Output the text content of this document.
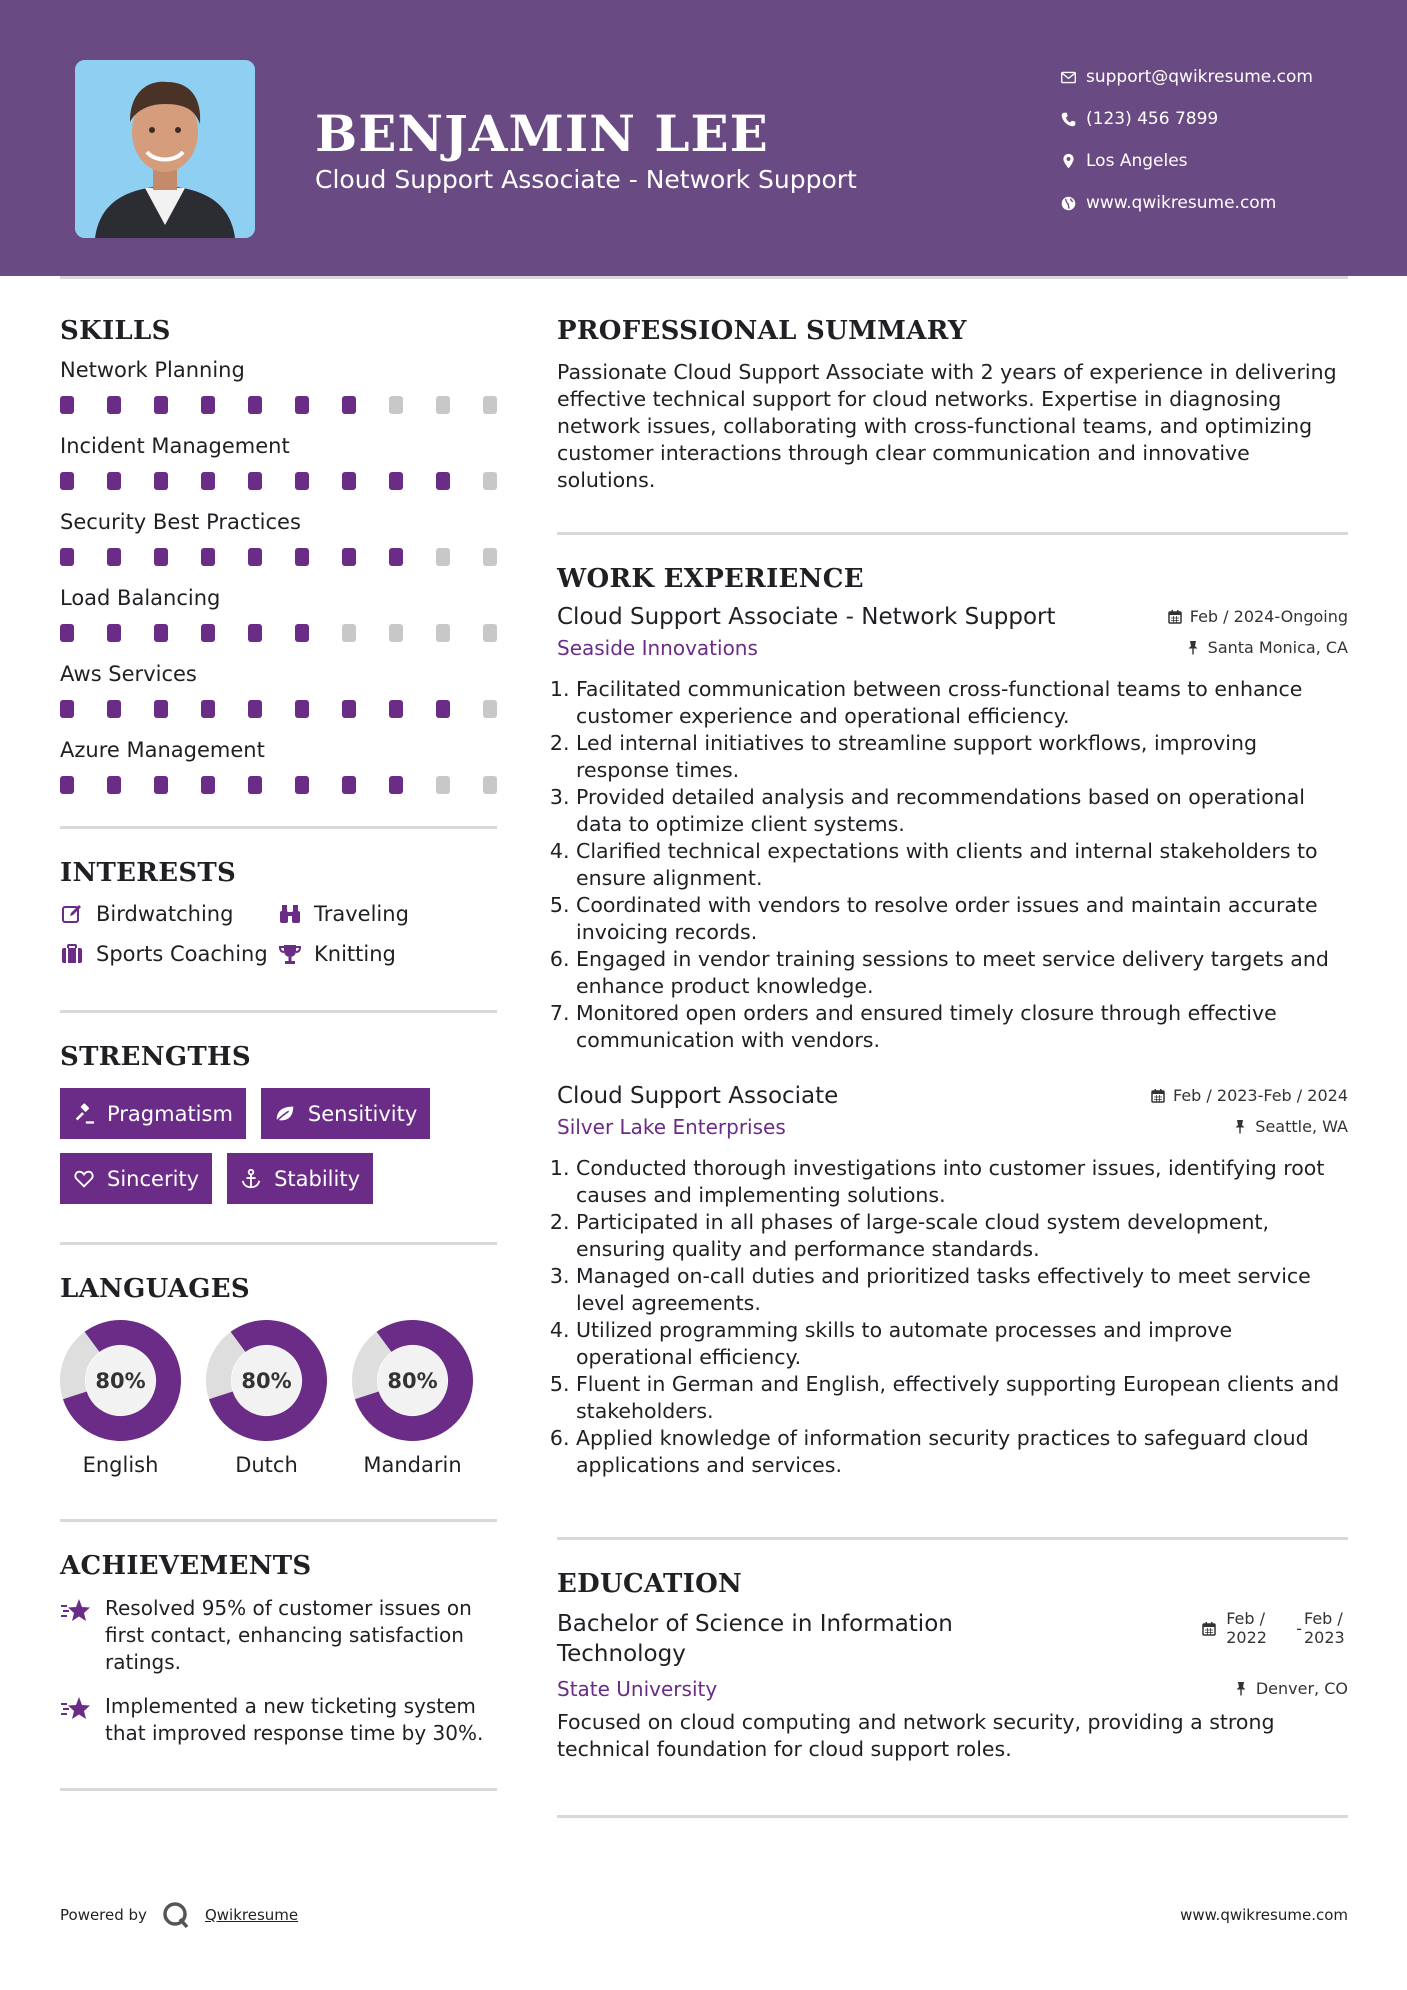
BENJAMIN LEE
Cloud Support Associate - Network Support
support@qwikresume.com
(123) 456 7899
Los Angeles
www.qwikresume.com
SKILLS
Network Planning
Incident Management
Security Best Practices
Load Balancing
Aws Services
Azure Management
INTERESTS
Birdwatching	Traveling
Sports Coaching Knitting
STRENGTHS
Pragmatism	Sensitivity
Sincerity	Stability
LANGUAGES
80%
English
80%
Dutch
80%
Mandarin
ACHIEVEMENTS
Resolved 95% of customer issues on first contact, enhancing satisfaction ratings.
Implemented a new ticketing system that improved response time by 30%.
PROFESSIONAL SUMMARY
Passionate Cloud Support Associate with 2 years of experience in delivering effective technical support for cloud networks. Expertise in diagnosing network issues, collaborating with cross-functional teams, and optimizing customer interactions through clear communication and innovative solutions.
WORK EXPERIENCE
Cloud Support Associate - Network Support	Feb / 2024-Ongoing
Seaside Innovations	Santa Monica, CA
1. Facilitated communication between cross-functional teams to enhance customer experience and operational efficiency.
2. Led internal initiatives to streamline support workflows, improving response times.
3. Provided detailed analysis and recommendations based on operational data to optimize client systems.
4. Clarified technical expectations with clients and internal stakeholders to ensure alignment.
5. Coordinated with vendors to resolve order issues and maintain accurate invoicing records.
6. Engaged in vendor training sessions to meet service delivery targets and enhance product knowledge.
7. Monitored open orders and ensured timely closure through effective communication with vendors.
Cloud Support Associate	Feb / 2023-Feb / 2024
Silver Lake Enterprises	Seattle, WA
1. Conducted thorough investigations into customer issues, identifying root causes and implementing solutions.
2. Participated in all phases of large-scale cloud system development, ensuring quality and performance standards.
3. Managed on-call duties and prioritized tasks effectively to meet service level agreements.
4. Utilized programming skills to automate processes and improve operational efficiency.
5. Fluent in German and English, effectively supporting European clients and stakeholders.
6. Applied knowledge of information security practices to safeguard cloud applications and services.
EDUCATION
Bachelor of Science in Information Technology
Feb / 2022 -
Feb / 2023
State University	Denver, CO
Focused on cloud computing and network security, providing a strong technical foundation for cloud support roles.
Powered by	Qwikresume	www.qwikresume.com
